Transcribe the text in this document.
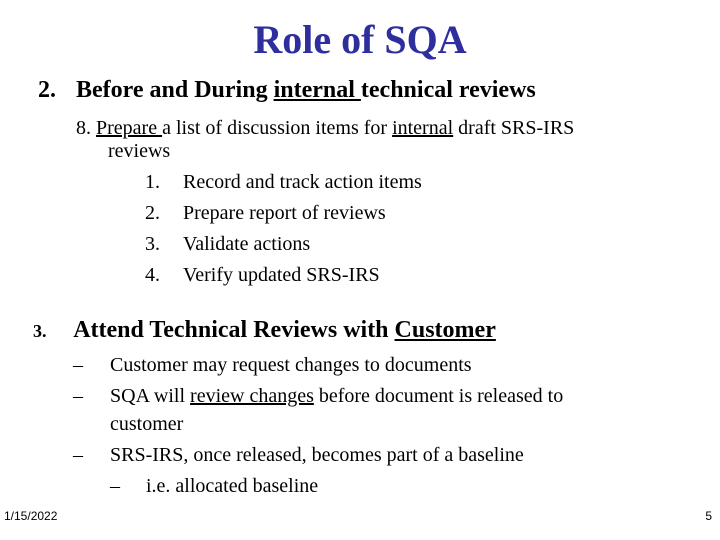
Role of SQA
2. Before and During internal technical reviews
8. Prepare a list of discussion items for internal draft SRS-IRS
reviews
1. Record and track action items
2. Prepare report of reviews
3. Validate actions
4. Verify updated SRS-IRS
3. Attend Technical Reviews with Customer
– Customer may request changes to documents
– SQA will review changes before document is released to
customer
– SRS-IRS, once released, becomes part of a baseline
– i.e. allocated baseline
1/15/2022	5
